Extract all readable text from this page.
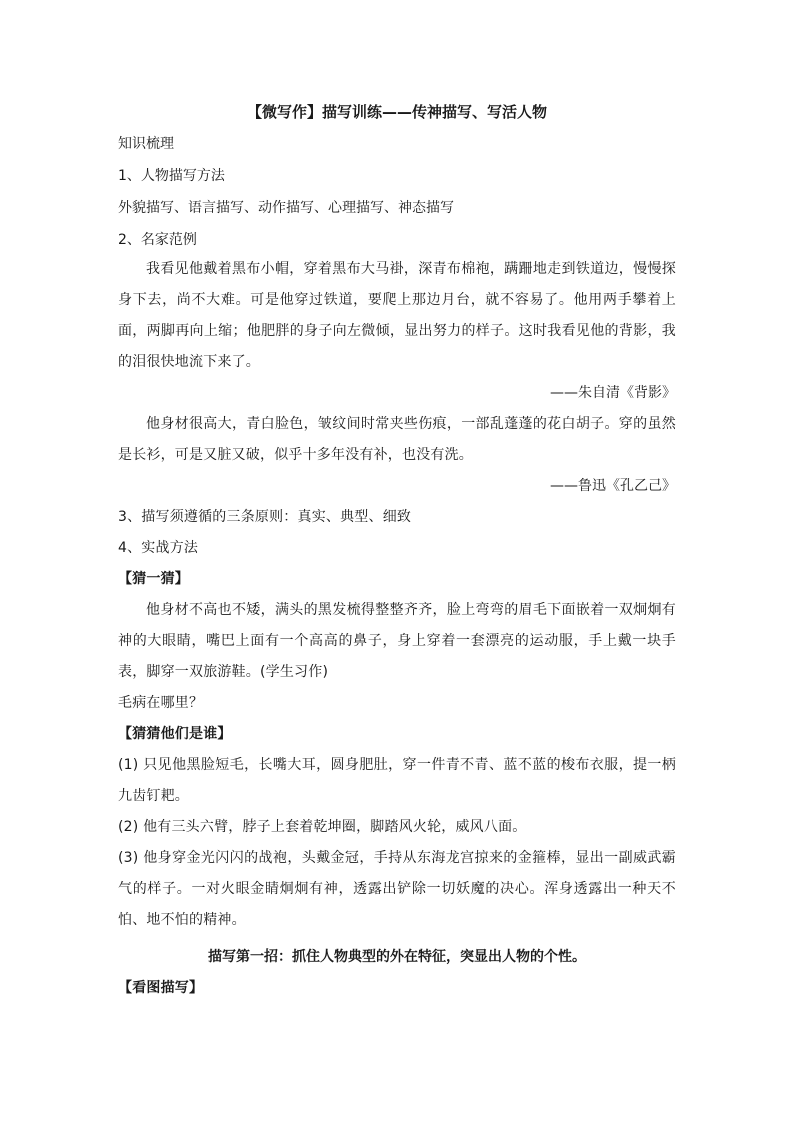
【微写作】描写训练——传神描写、写活人物

知识梳理

1、人物描写方法

外貌描写、语言描写、动作描写、心理描写、神态描写

2、名家范例

我看见他戴着黑布小帽，穿着黑布大马褂，深青布棉袍，蹒跚地走到铁道边，慢慢探身下去，尚不大难。可是他穿过铁道，要爬上那边月台，就不容易了。他用两手攀着上面，两脚再向上缩；他肥胖的身子向左微倾，显出努力的样子。这时我看见他的背影，我的泪很快地流下来了。

——朱自清《背影》

他身材很高大，青白脸色，皱纹间时常夹些伤痕，一部乱蓬蓬的花白胡子。穿的虽然是长衫，可是又脏又破，似乎十多年没有补，也没有洗。

——鲁迅《孔乙己》

3、描写须遵循的三条原则：真实、典型、细致

4、实战方法

【猜一猜】

他身材不高也不矮，满头的黑发梳得整整齐齐，脸上弯弯的眉毛下面嵌着一双炯炯有神的大眼睛，嘴巴上面有一个高高的鼻子，身上穿着一套漂亮的运动服，手上戴一块手表，脚穿一双旅游鞋。(学生习作)

毛病在哪里？

【猜猜他们是谁】

(1) 只见他黑脸短毛，长嘴大耳，圆身肥肚，穿一件青不青、蓝不蓝的梭布衣服，提一柄九齿钉耙。

(2) 他有三头六臂，脖子上套着乾坤圈，脚踏风火轮，威风八面。

(3) 他身穿金光闪闪的战袍，头戴金冠，手持从东海龙宫掠来的金箍棒，显出一副威武霸气的样子。一对火眼金睛炯炯有神，透露出铲除一切妖魔的决心。浑身透露出一种天不怕、地不怕的精神。

描写第一招：抓住人物典型的外在特征，突显出人物的个性。

【看图描写】
